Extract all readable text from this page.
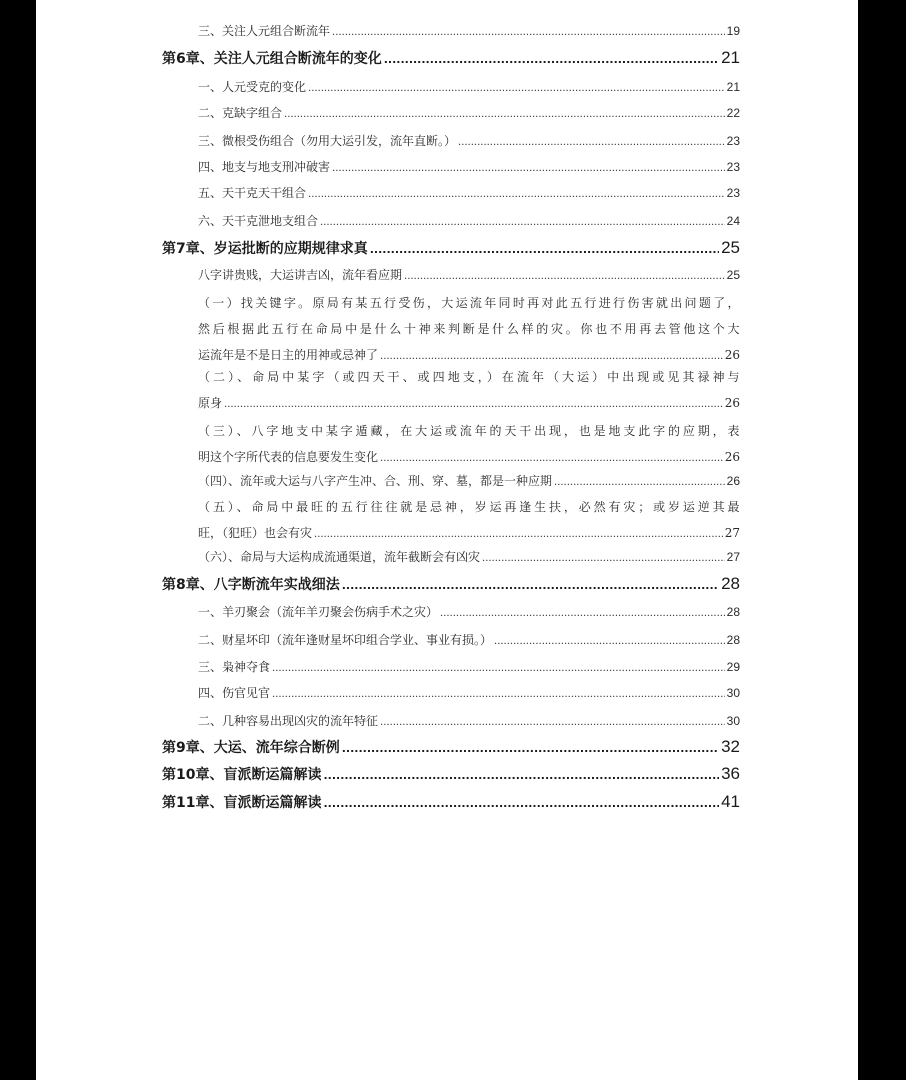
三、关注人元组合断流年 .....	19
第6章、关注人元组合断流年的变化 .....	21
一、人元受克的变化 .....	21
二、克缺字组合 .....	22
三、微根受伤组合（勿用大运引发，流年直断。） .....	23
四、地支与地支刑冲破害 .....	23
五、天干克天干组合 .....	23
六、天干克泄地支组合 .....	24
第7章、岁运批断的应期规律求真 .....	25
八字讲贵贱，大运讲吉凶，流年看应期 .....	25
（一）找关键字。原局有某五行受伤，大运流年同时再对此五行进行伤害就出问题了，
然后根据此五行在命局中是什么十神来判断是什么样的灾。你也不用再去管他这个大
运流年是不是日主的用神或忌神了 .....	26
（二）、命局中某字（或四天干、或四地支，）在流年（大运）中出现或见其禄神与
原身 .....	26
（三）、八字地支中某字遁藏，在大运或流年的天干出现，也是地支此字的应期，表
明这个字所代表的信息要发生变化 .....	26
（四）、流年或大运与八字产生冲、合、刑、穿、墓，都是一种应期 .....	26
（五）、命局中最旺的五行往往就是忌神，岁运再逢生扶，必然有灾；或岁运逆其最
旺，（犯旺）也会有灾 .....	27
（六）、命局与大运构成流通渠道，流年截断会有凶灾 .....	27
第8章、八字断流年实战细法 .....	28
一、羊刃聚会（流年羊刃聚会伤病手术之灾） .....	28
二、财星坏印（流年逢财星坏印组合学业、事业有损。） .....	28
三、枭神夺食 .....	29
四、伤官见官 .....	30
二、几种容易出现凶灾的流年特征 .....	30
第9章、大运、流年综合断例 .....	32
第10章、盲派断运篇解读 .....	36
第11章、盲派断运篇解读 .....	41
